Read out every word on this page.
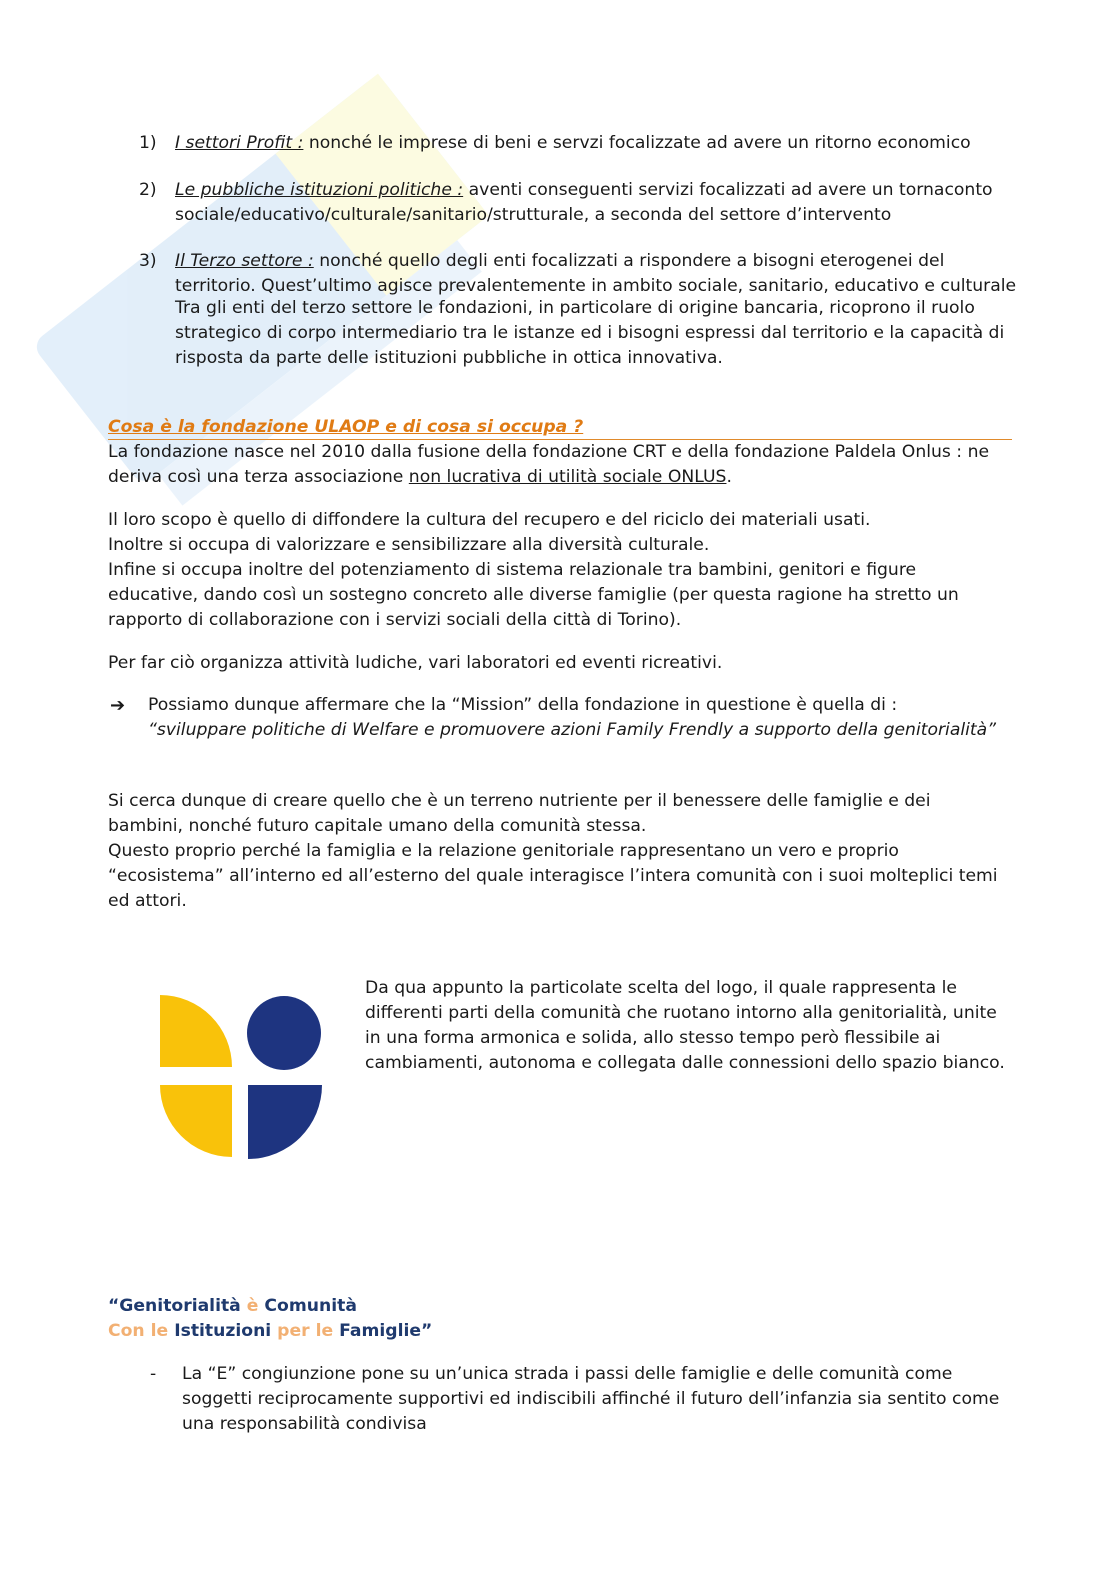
1) I settori Profit : nonché le imprese di beni e servzi focalizzate ad avere un ritorno economico
2) Le pubbliche istituzioni politiche : aventi conseguenti servizi focalizzati ad avere un tornaconto sociale/educativo/culturale/sanitario/strutturale, a seconda del settore d’intervento
3) Il Terzo settore : nonché quello degli enti focalizzati a rispondere a bisogni eterogenei del territorio. Quest’ultimo agisce prevalentemente in ambito sociale, sanitario, educativo e culturale
Tra gli enti del terzo settore le fondazioni, in particolare di origine bancaria, ricoprono il ruolo strategico di corpo intermediario tra le istanze ed i bisogni espressi dal territorio e la capacità di risposta da parte delle istituzioni pubbliche in ottica innovativa.
Cosa è la fondazione ULAOP e di cosa si occupa ?

La fondazione nasce nel 2010 dalla fusione della fondazione CRT e della fondazione Paldela Onlus : ne deriva così una terza associazione non lucrativa di utilità sociale ONLUS.

Il loro scopo è quello di diffondere la cultura del recupero e del riciclo dei materiali usati.
Inoltre si occupa di valorizzare e sensibilizzare alla diversità culturale.
Infine si occupa inoltre del potenziamento di sistema relazionale tra bambini, genitori e figure educative, dando così un sostegno concreto alle diverse famiglie (per questa ragione ha stretto un rapporto di collaborazione con i servizi sociali della città di Torino).

Per far ciò organizza attività ludiche, vari laboratori ed eventi ricreativi.

➔ Possiamo dunque affermare che la “Mission” della fondazione in questione è quella di :
“sviluppare politiche di Welfare e promuovere azioni Family Frendly a supporto della genitorialità”
Si cerca dunque di creare quello che è un terreno nutriente per il benessere delle famiglie e dei bambini, nonché futuro capitale umano della comunità stessa.
Questo proprio perché la famiglia e la relazione genitoriale rappresentano un vero e proprio “ecosistema” all’interno ed all’esterno del quale interagisce l’intera comunità con i suoi molteplici temi ed attori.

Da qua appunto la particolate scelta del logo, il quale rappresenta le differenti parti della comunità che ruotano intorno alla genitorialità, unite in una forma armonica e solida, allo stesso tempo però flessibile ai cambiamenti, autonoma e collegata dalle connessioni dello spazio bianco.

“Genitorialità è Comunità
Con le Istituzioni per le Famiglie”
- La “E” congiunzione pone su un’unica strada i passi delle famiglie e delle comunità come soggetti reciprocamente supportivi ed indiscibili affinché il futuro dell’infanzia sia sentito come una responsabilità condivisa
